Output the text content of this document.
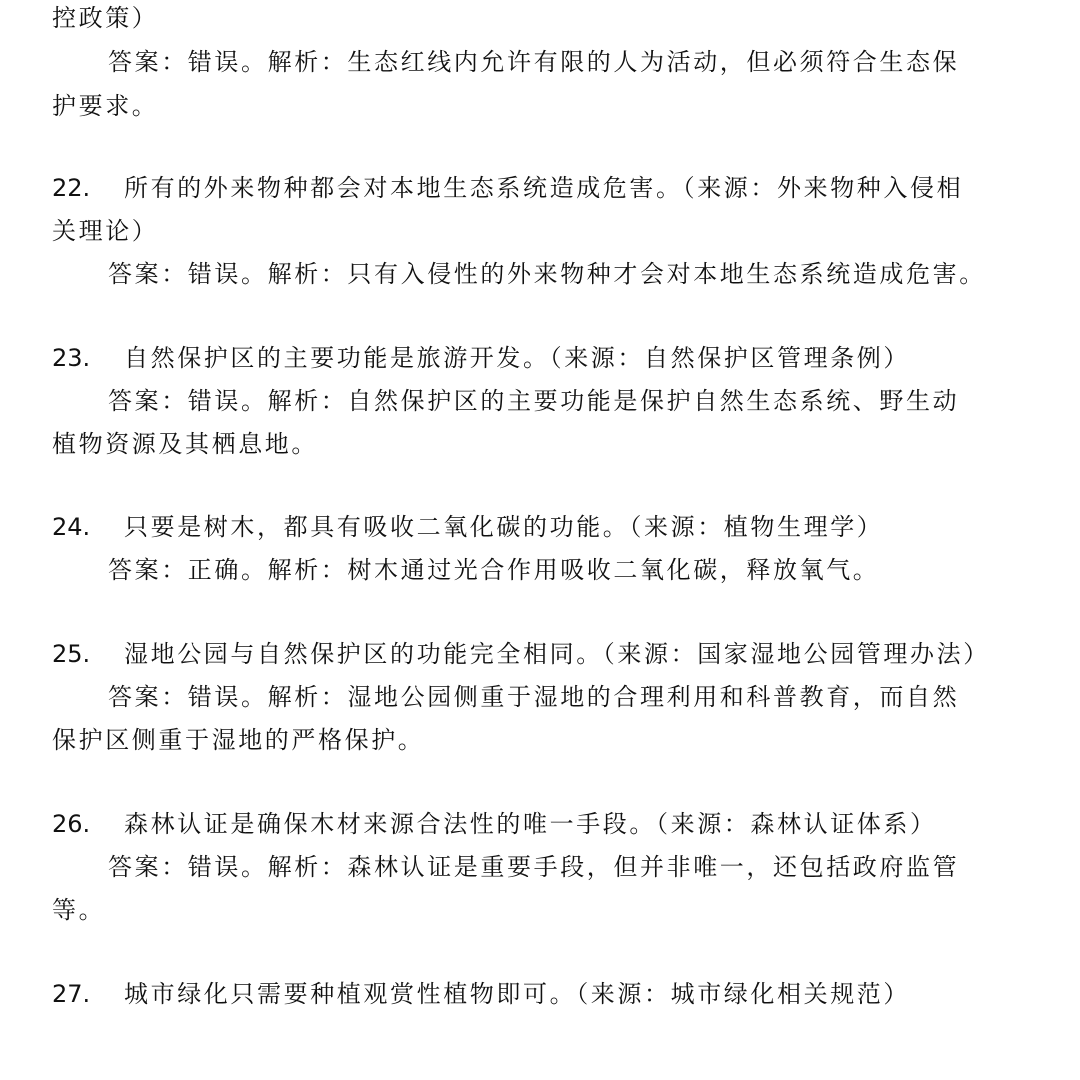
控政策）
答案：错误。解析：生态红线内允许有限的人为活动，但必须符合生态保
护要求。
22. 所有的外来物种都会对本地生态系统造成危害。（来源：外来物种入侵相
关理论）
答案：错误。解析：只有入侵性的外来物种才会对本地生态系统造成危害。
23. 自然保护区的主要功能是旅游开发。（来源：自然保护区管理条例）
答案：错误。解析：自然保护区的主要功能是保护自然生态系统、野生动
植物资源及其栖息地。
24. 只要是树木，都具有吸收二氧化碳的功能。（来源：植物生理学）
答案：正确。解析：树木通过光合作用吸收二氧化碳，释放氧气。
25. 湿地公园与自然保护区的功能完全相同。（来源：国家湿地公园管理办法）
答案：错误。解析：湿地公园侧重于湿地的合理利用和科普教育，而自然
保护区侧重于湿地的严格保护。
26. 森林认证是确保木材来源合法性的唯一手段。（来源：森林认证体系）
答案：错误。解析：森林认证是重要手段，但并非唯一，还包括政府监管
等。
27. 城市绿化只需要种植观赏性植物即可。（来源：城市绿化相关规范）
